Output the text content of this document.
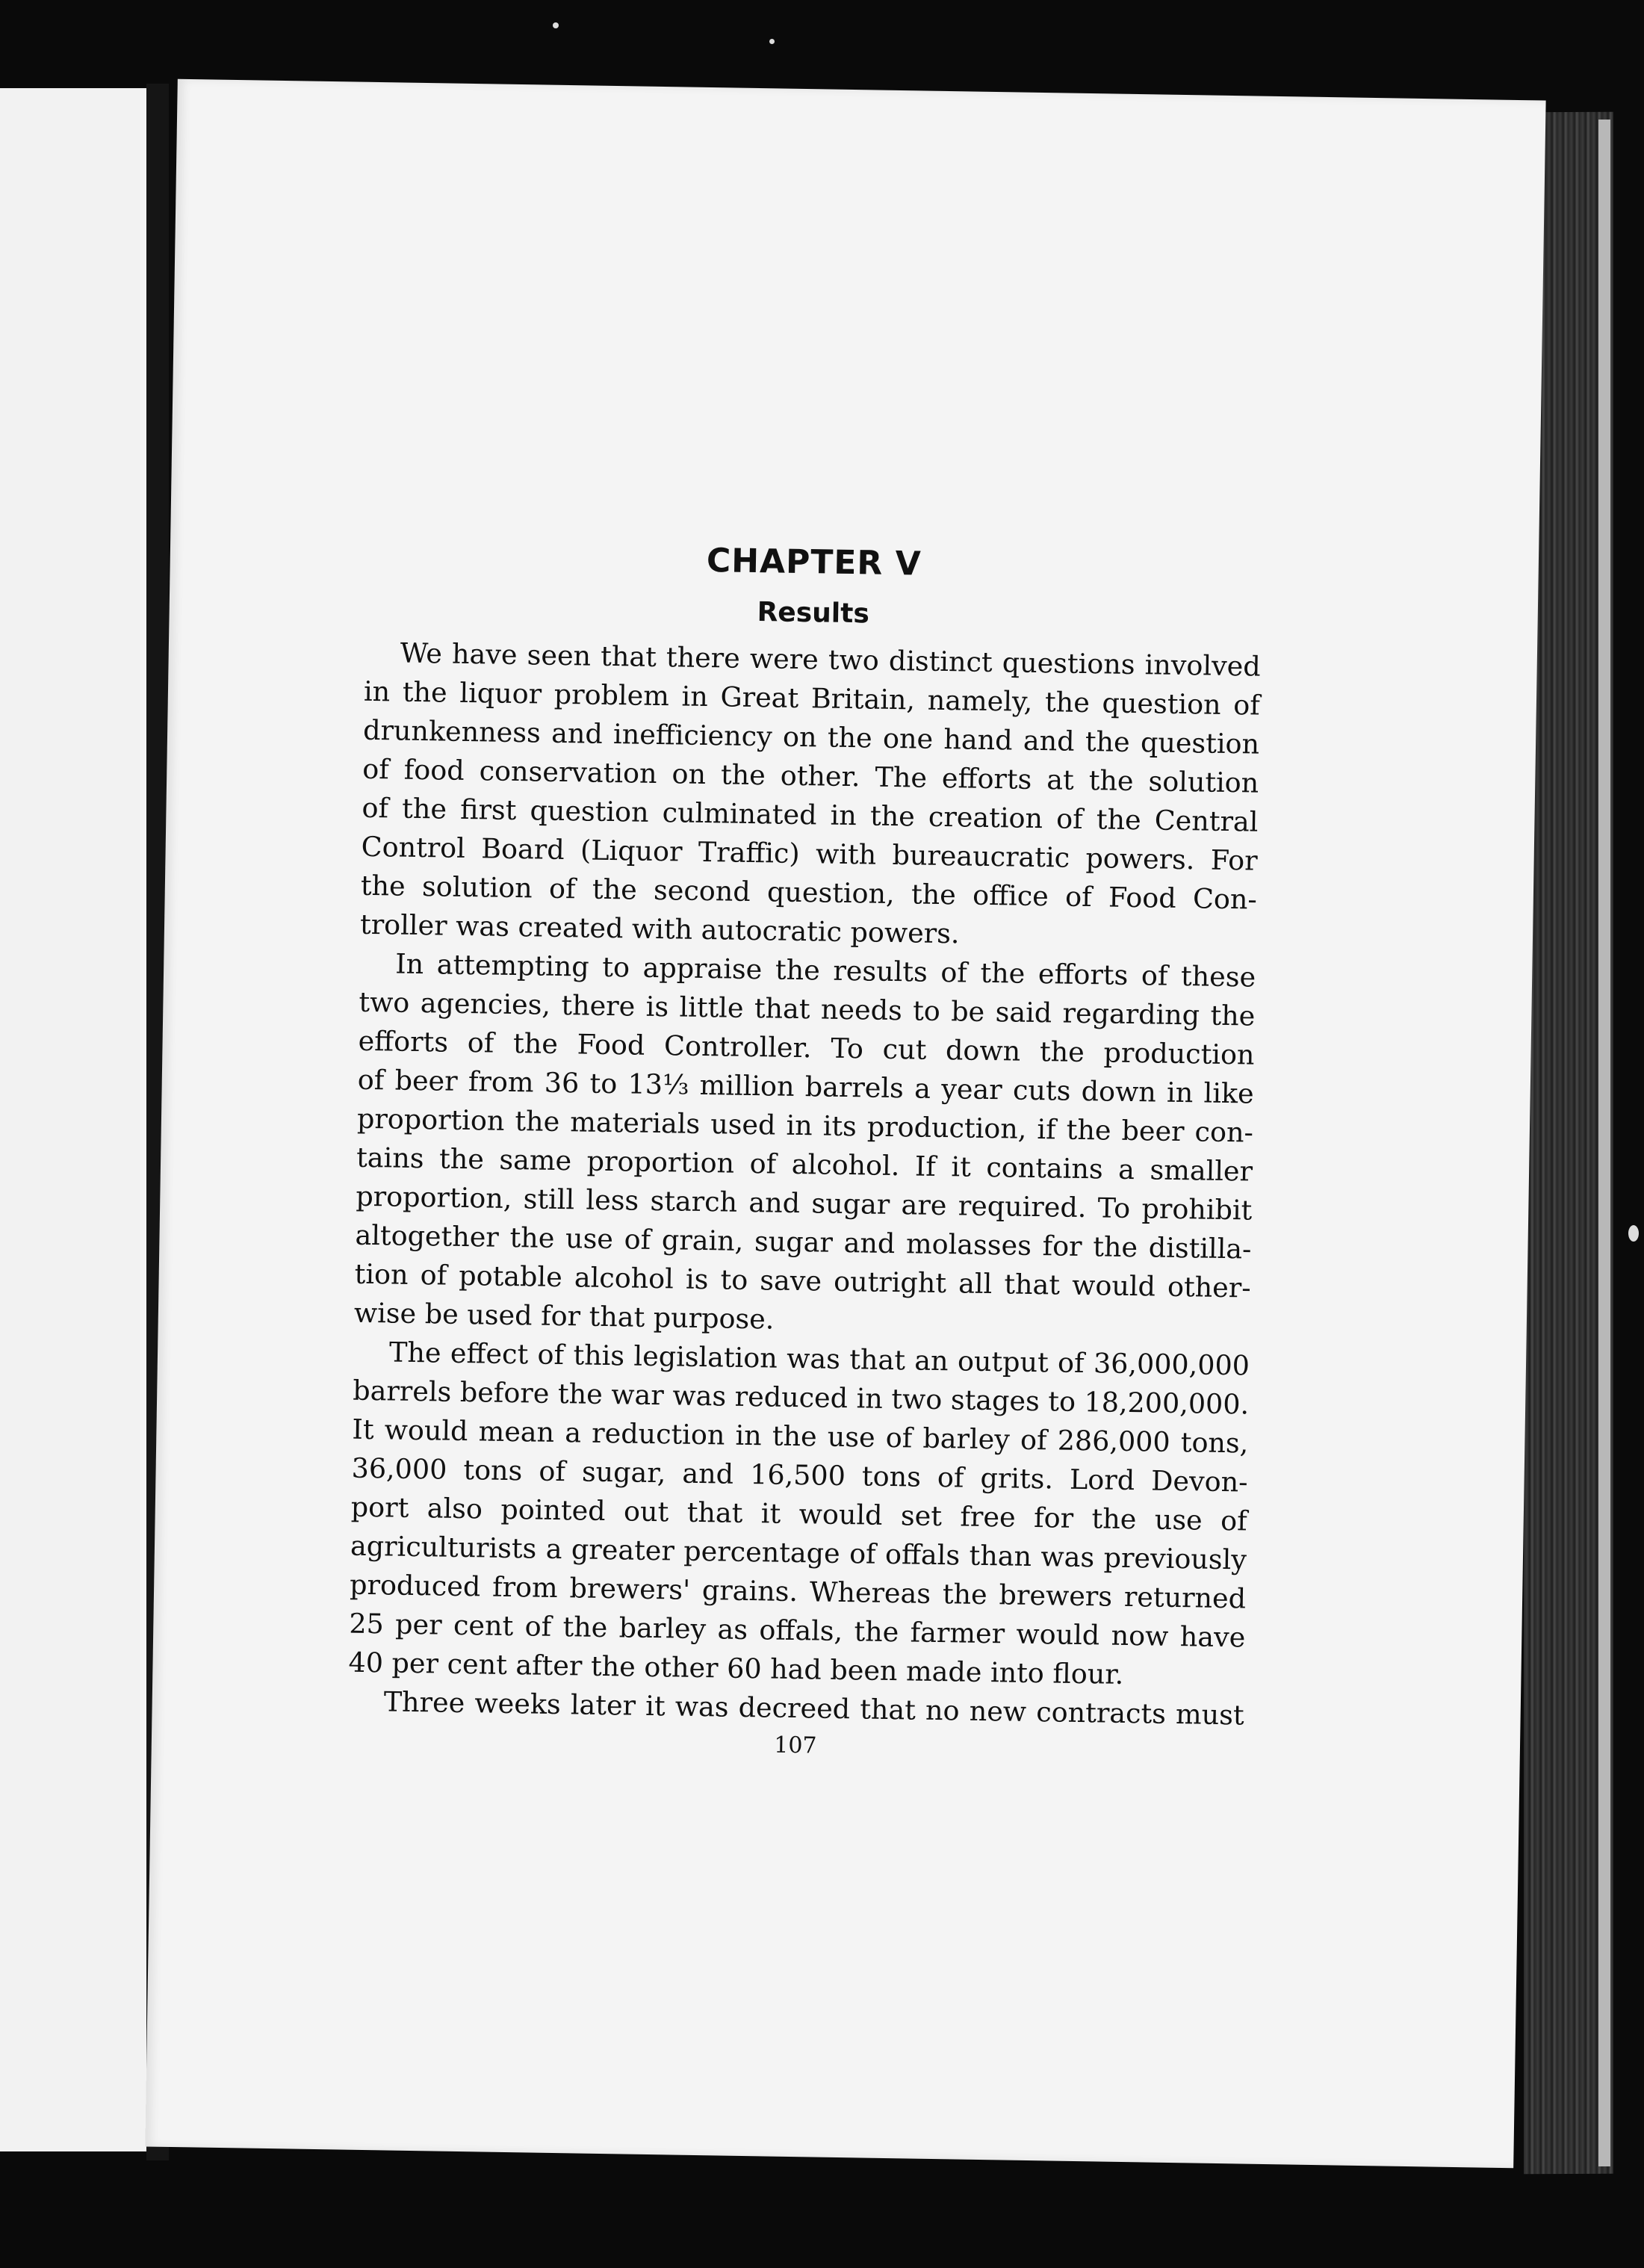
CHAPTER V
Results
We have seen that there were two distinct questions involved
in the liquor problem in Great Britain, namely, the question of
drunkenness and inefficiency on the one hand and the question
of food conservation on the other. The efforts at the solution
of the first question culminated in the creation of the Central
Control Board (Liquor Traffic) with bureaucratic powers. For
the solution of the second question, the office of Food Con-
troller was created with autocratic powers.
In attempting to appraise the results of the efforts of these
two agencies, there is little that needs to be said regarding the
efforts of the Food Controller. To cut down the production
of beer from 36 to 13⅓ million barrels a year cuts down in like
proportion the materials used in its production, if the beer con-
tains the same proportion of alcohol. If it contains a smaller
proportion, still less starch and sugar are required. To prohibit
altogether the use of grain, sugar and molasses for the distilla-
tion of potable alcohol is to save outright all that would other-
wise be used for that purpose.
The effect of this legislation was that an output of 36,000,000
barrels before the war was reduced in two stages to 18,200,000.
It would mean a reduction in the use of barley of 286,000 tons,
36,000 tons of sugar, and 16,500 tons of grits. Lord Devon-
port also pointed out that it would set free for the use of
agriculturists a greater percentage of offals than was previously
produced from brewers' grains. Whereas the brewers returned
25 per cent of the barley as offals, the farmer would now have
40 per cent after the other 60 had been made into flour.
Three weeks later it was decreed that no new contracts must
107
